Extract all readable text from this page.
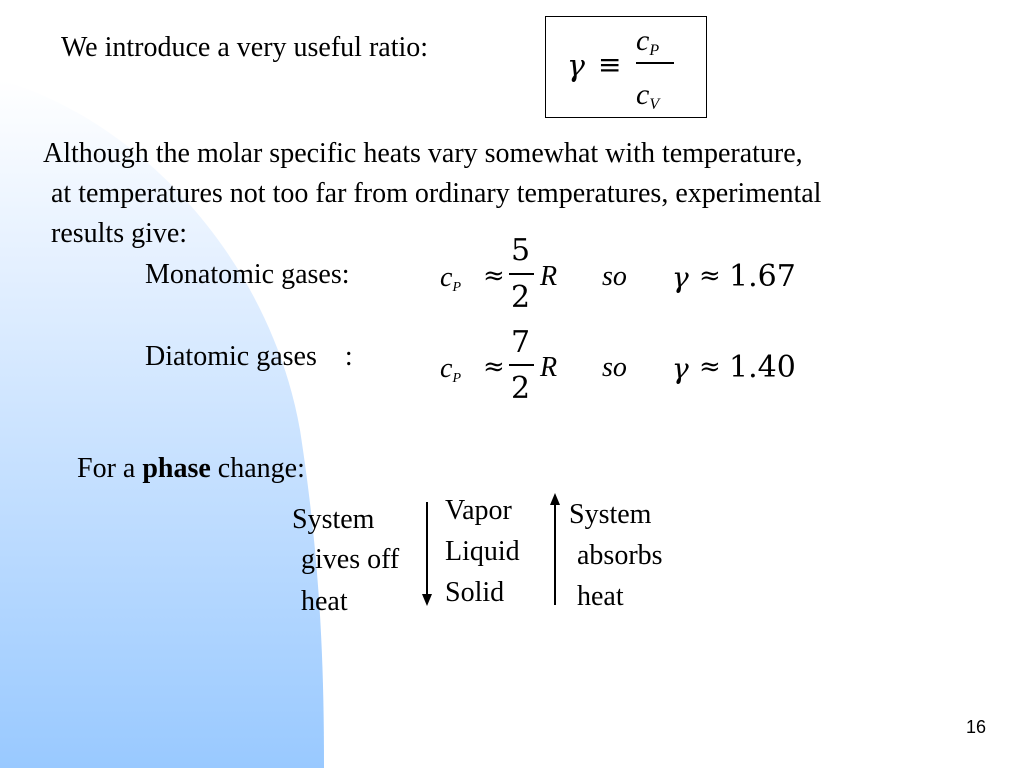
We introduce a very useful ratio:
γ ≡
cP
cV
Although the molar specific heats vary somewhat with temperature,
at temperatures not too far from ordinary temperatures, experimental
results give:
Monatomic gases:	cP ≈
5
2
R so γ ≈ 1.67
Diatomic gases :	cP ≈
7
2
R so γ ≈ 1.40
For a phase change:
System
gives off
heat
Vapor
Liquid
Solid
System
absorbs
heat
16
